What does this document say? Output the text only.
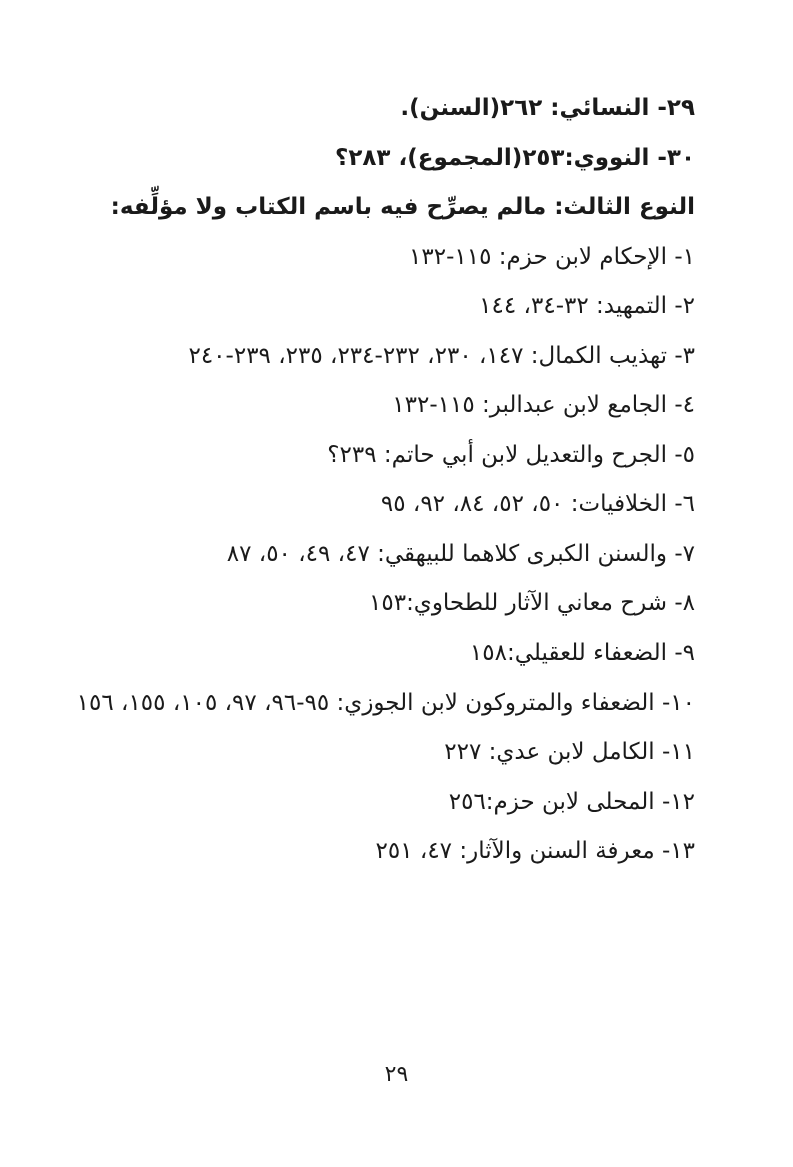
٢٩- النسائي: ٢٦٢(السنن).
٣٠- النووي:٢٥٣(المجموع)، ٢٨٣؟
النوع الثالث: مالم يصرِّح فيه باسم الكتاب ولا مؤلِّفه:
١- الإحكام لابن حزم: ١١٥-١٣٢
٢- التمهيد: ٣٢-٣٤، ١٤٤
٣- تهذيب الكمال: ١٤٧، ٢٣٠، ٢٣٢-٢٣٤، ٢٣٥، ٢٣٩-٢٤٠
٤- الجامع لابن عبدالبر: ١١٥-١٣٢
٥- الجرح والتعديل لابن أبي حاتم: ٢٣٩؟
٦- الخلافيات: ٥٠، ٥٢، ٨٤، ٩٢، ٩٥
٧- والسنن الكبرى كلاهما للبيهقي: ٤٧، ٤٩، ٥٠، ٨٧
٨- شرح معاني الآثار للطحاوي:١٥٣
٩- الضعفاء للعقيلي:١٥٨
١٠- الضعفاء والمتروكون لابن الجوزي: ٩٥-٩٦، ٩٧، ١٠٥، ١٥٥، ١٥٦
١١- الكامل لابن عدي: ٢٢٧
١٢- المحلى لابن حزم:٢٥٦
١٣- معرفة السنن والآثار: ٤٧، ٢٥١
٢٩
